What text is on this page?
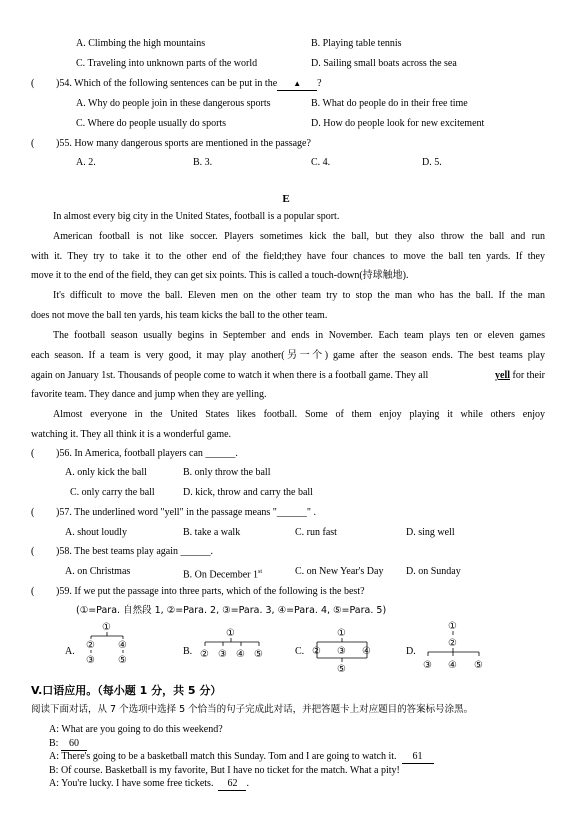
A. Climbing the high mountains	B. Playing table tennis
C. Traveling into unknown parts of the world	D. Sailing small boats across the sea
( )54. Which of the following sentences can be put in the ▲ ?
A. Why do people join in these dangerous sports	B. What do people do in their free time
C. Where do people usually do sports	D. How do people look for new excitement
( )55. How many dangerous sports are mentioned in the passage?
A. 2.	B. 3.	C. 4.	D. 5.
E
In almost every big city in the United States, football is a popular sport.
American football is not like soccer. Players sometimes kick the ball, but they also throw the ball and run
with it. They try to take it to the other end of the field;they have four chances to move the ball ten yards. If they
move it to the end of the field, they can get six points. This is called a touch-down(持球触地).
It's difficult to move the ball. Eleven men on the other team try to stop the man who has the ball. If the man
does not move the ball ten yards, his team kicks the ball to the other team.
The football season usually begins in September and ends in November. Each team plays ten or eleven games
each season. If a team is very good, it may play another(另一个) game after the season ends. The best teams play
again on January 1st. Thousands of people come to watch it when there is a football game. They all	yell for their
favorite team. They dance and jump when they are yelling.
Almost everyone in the United States likes football. Some of them enjoy playing it while others enjoy
watching it. They all think it is a wonderful game.
( )56. In America, football players can ______.
A. only kick the ball	B. only throw the ball
C. only carry the ball	D. kick, throw and carry the ball
( )57. The underlined word "yell" in the passage means "______" .
A. shout loudly	B. take a walk	C. run fast	D. sing well
( )58. The best teams play again ______.
A. on Christmas	B. On December 1st	C. on New Year's Day D. on Sunday
( )59. If we put the passage into three parts, which of the following is the best?
(①=Para. 自然段 1, ②=Para. 2, ③=Para. 3, ④=Para. 4, ⑤=Para. 5)
A.
①
② ④
③ ⑤
B.
①
② ③ ④ ⑤	C.
①
② ③ ④
⑤
D.
①
②
③ ④ ⑤
V.口语应用。（每小题 1 分，共 5 分）
阅读下面对话，从 7 个选项中选择 5 个恰当的句子完成此对话，并把答题卡上对应题目的答案标号涂黑。
A: What are you going to do this weekend?
B: 60
A: There's going to be a basketball match this Sunday. Tom and I are going to watch it. 61
B: Of course. Basketball is my favorite, But I have no ticket for the match. What a pity!
A: You're lucky. I have some free tickets. 62 .
